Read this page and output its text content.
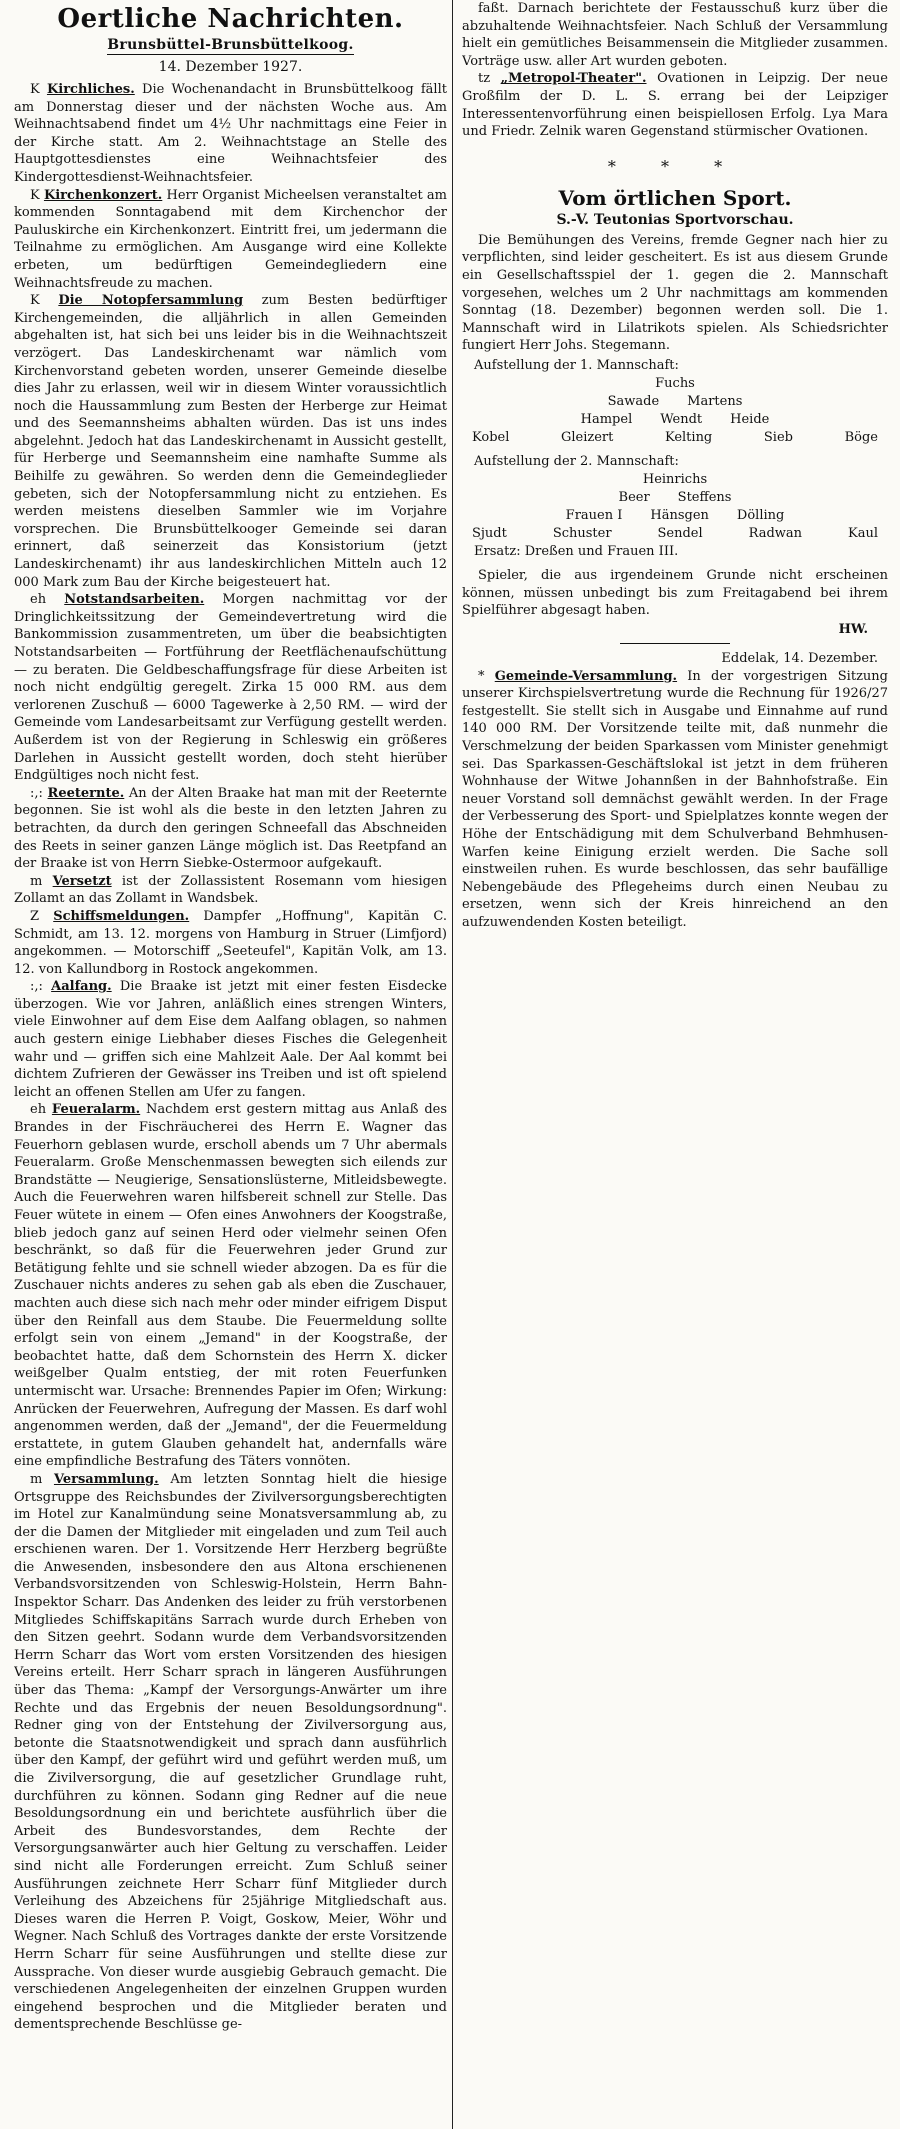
Oertliche Nachrichten.
Brunsbüttel-Brunsbüttelkoog.
14. Dezember 1927.

K Kirchliches. Die Wochenandacht in Brunsbüttelkoog fällt am Donnerstag dieser und der nächsten Woche aus. Am Weihnachtsabend findet um 4½ Uhr nachmittags eine Feier in der Kirche statt. Am 2. Weihnachtstage an Stelle des Hauptgottesdienstes eine Weihnachtsfeier des Kindergottesdienst-Weihnachtsfeier.

K Kirchenkonzert. Herr Organist Micheelsen veranstaltet am kommenden Sonntagabend mit dem Kirchenchor der Pauluskirche ein Kirchenkonzert. Eintritt frei, um jedermann die Teilnahme zu ermöglichen. Am Ausgange wird eine Kollekte erbeten, um bedürftigen Gemeindegliedern eine Weihnachtsfreude zu machen.

K Die Notopfersammlung zum Besten bedürftiger Kirchengemeinden, die alljährlich in allen Gemeinden abgehalten ist, hat sich bei uns leider bis in die Weihnachtszeit verzögert. Das Landeskirchenamt war nämlich vom Kirchenvorstand gebeten worden, unserer Gemeinde dieselbe dies Jahr zu erlassen, weil wir in diesem Winter voraussichtlich noch die Haussammlung zum Besten der Herberge zur Heimat und des Seemannsheims abhalten würden. Das ist uns indes abgelehnt. Jedoch hat das Landeskirchenamt in Aussicht gestellt, für Herberge und Seemannsheim eine namhafte Summe als Beihilfe zu gewähren. So werden denn die Gemeindeglieder gebeten, sich der Notopfersammlung nicht zu entziehen. Es werden meistens dieselben Sammler wie im Vorjahre vorsprechen. Die Brunsbüttelkooger Gemeinde sei daran erinnert, daß seinerzeit das Konsistorium (jetzt Landeskirchenamt) ihr aus landeskirchlichen Mitteln auch 12 000 Mark zum Bau der Kirche beigesteuert hat.

eh Notstandsarbeiten. Morgen nachmittag vor der Dringlichkeitssitzung der Gemeindevertretung wird die Bankommission zusammentreten, um über die beabsichtigten Notstandsarbeiten — Fortführung der Reetflächenaufschüttung — zu beraten. Die Geldbeschaffungsfrage für diese Arbeiten ist noch nicht endgültig geregelt. Zirka 15 000 RM. aus dem verlorenen Zuschuß — 6000 Tagewerke à 2,50 RM. — wird der Gemeinde vom Landesarbeitsamt zur Verfügung gestellt werden. Außerdem ist von der Regierung in Schleswig ein größeres Darlehen in Aussicht gestellt worden, doch steht hierüber Endgültiges noch nicht fest.

:,: Reeternte. An der Alten Braake hat man mit der Reeternte begonnen. Sie ist wohl als die beste in den letzten Jahren zu betrachten, da durch den geringen Schneefall das Abschneiden des Reets in seiner ganzen Länge möglich ist. Das Reetpfand an der Braake ist von Herrn Siebke-Ostermoor aufgekauft.

m Versetzt ist der Zollassistent Rosemann vom hiesigen Zollamt an das Zollamt in Wandsbek.

Z Schiffsmeldungen. Dampfer „Hoffnung", Kapitän C. Schmidt, am 13. 12. morgens von Hamburg in Struer (Limfjord) angekommen. — Motorschiff „Seeteufel", Kapitän Volk, am 13. 12. von Kallundborg in Rostock angekommen.

:,: Aalfang. Die Braake ist jetzt mit einer festen Eisdecke überzogen. Wie vor Jahren, anläßlich eines strengen Winters, viele Einwohner auf dem Eise dem Aalfang oblagen, so nahmen auch gestern einige Liebhaber dieses Fisches die Gelegenheit wahr und — griffen sich eine Mahlzeit Aale. Der Aal kommt bei dichtem Zufrieren der Gewässer ins Treiben und ist oft spielend leicht an offenen Stellen am Ufer zu fangen.

eh Feueralarm. Nachdem erst gestern mittag aus Anlaß des Brandes in der Fischräucherei des Herrn E. Wagner das Feuerhorn geblasen wurde, erscholl abends um 7 Uhr abermals Feueralarm. Große Menschenmassen bewegten sich eilends zur Brandstätte — Neugierige, Sensationslüsterne, Mitleidsbewegte. Auch die Feuerwehren waren hilfsbereit schnell zur Stelle. Das Feuer wütete in einem — Ofen eines Anwohners der Koogstraße, blieb jedoch ganz auf seinen Herd oder vielmehr seinen Ofen beschränkt, so daß für die Feuerwehren jeder Grund zur Betätigung fehlte und sie schnell wieder abzogen. Da es für die Zuschauer nichts anderes zu sehen gab als eben die Zuschauer, machten auch diese sich nach mehr oder minder eifrigem Disput über den Reinfall aus dem Staube. Die Feuermeldung sollte erfolgt sein von einem „Jemand" in der Koogstraße, der beobachtet hatte, daß dem Schornstein des Herrn X. dicker weißgelber Qualm entstieg, der mit roten Feuerfunken untermischt war. Ursache: Brennendes Papier im Ofen; Wirkung: Anrücken der Feuerwehren, Aufregung der Massen. Es darf wohl angenommen werden, daß der „Jemand", der die Feuermeldung erstattete, in gutem Glauben gehandelt hat, andernfalls wäre eine empfindliche Bestrafung des Täters vonnöten.

m Versammlung. Am letzten Sonntag hielt die hiesige Ortsgruppe des Reichsbundes der Zivilversorgungsberechtigten im Hotel zur Kanalmündung seine Monatsversammlung ab, zu der die Damen der Mitglieder mit eingeladen und zum Teil auch erschienen waren. Der 1. Vorsitzende Herr Herzberg begrüßte die Anwesenden, insbesondere den aus Altona erschienenen Verbandsvorsitzenden von Schleswig-Holstein, Herrn Bahn-Inspektor Scharr. Das Andenken des leider zu früh verstorbenen Mitgliedes Schiffskapitäns Sarrach wurde durch Erheben von den Sitzen geehrt. Sodann wurde dem Verbandsvorsitzenden Herrn Scharr das Wort vom ersten Vorsitzenden des hiesigen Vereins erteilt. Herr Scharr sprach in längeren Ausführungen über das Thema: „Kampf der Versorgungs-Anwärter um ihre Rechte und das Ergebnis der neuen Besoldungsordnung". Redner ging von der Entstehung der Zivilversorgung aus, betonte die Staatsnotwendigkeit und sprach dann ausführlich über den Kampf, der geführt wird und geführt werden muß, um die Zivilversorgung, die auf gesetzlicher Grundlage ruht, durchführen zu können. Sodann ging Redner auf die neue Besoldungsordnung ein und berichtete ausführlich über die Arbeit des Bundesvorstandes, dem Rechte der Versorgungsanwärter auch hier Geltung zu verschaffen. Leider sind nicht alle Forderungen erreicht. Zum Schluß seiner Ausführungen zeichnete Herr Scharr fünf Mitglieder durch Verleihung des Abzeichens für 25jährige Mitgliedschaft aus. Dieses waren die Herren P. Voigt, Goskow, Meier, Wöhr und Wegner. Nach Schluß des Vortrages dankte der erste Vorsitzende Herrn Scharr für seine Ausführungen und stellte diese zur Aussprache. Von dieser wurde ausgiebig Gebrauch gemacht. Die verschiedenen Angelegenheiten der einzelnen Gruppen wurden eingehend besprochen und die Mitglieder beraten und dementsprechende Beschlüsse ge-

faßt. Darnach berichtete der Festausschuß kurz über die abzuhaltende Weihnachtsfeier. Nach Schluß der Versammlung hielt ein gemütliches Beisammensein die Mitglieder zusammen. Vorträge usw. aller Art wurden geboten.

tz „Metropol-Theater". Ovationen in Leipzig. Der neue Großfilm der D. L. S. errang bei der Leipziger Interessentenvorführung einen beispiellosen Erfolg. Lya Mara und Friedr. Zelnik waren Gegenstand stürmischer Ovationen.

* * *
Vom örtlichen Sport.
S.-V. Teutonias Sportvorschau.

Die Bemühungen des Vereins, fremde Gegner nach hier zu verpflichten, sind leider gescheitert. Es ist aus diesem Grunde ein Gesellschaftsspiel der 1. gegen die 2. Mannschaft vorgesehen, welches um 2 Uhr nachmittags am kommenden Sonntag (18. Dezember) begonnen werden soll. Die 1. Mannschaft wird in Lilatrikots spielen. Als Schiedsrichter fungiert Herr Johs. Stegemann.

Aufstellung der 1. Mannschaft:
Fuchs
Sawade Martens
Hampel Wendt Heide
Kobel	Gleizert	Kelting	Sieb	Böge
Aufstellung der 2. Mannschaft:
Heinrichs
Beer Steffens
Frauen I Hänsgen Dölling
Sjudt	Schuster	Sendel	Radwan	Kaul
Ersatz: Dreßen und Frauen III.

Spieler, die aus irgendeinem Grunde nicht erscheinen können, müssen unbedingt bis zum Freitagabend bei ihrem Spielführer abgesagt haben.

HW.
Eddelak, 14. Dezember.

* Gemeinde-Versammlung. In der vorgestrigen Sitzung unserer Kirchspielsvertretung wurde die Rechnung für 1926/27 festgestellt. Sie stellt sich in Ausgabe und Einnahme auf rund 140 000 RM. Der Vorsitzende teilte mit, daß nunmehr die Verschmelzung der beiden Sparkassen vom Minister genehmigt sei. Das Sparkassen-Geschäftslokal ist jetzt in dem früheren Wohnhause der Witwe Johannßen in der Bahnhofstraße. Ein neuer Vorstand soll demnächst gewählt werden. In der Frage der Verbesserung des Sport- und Spielplatzes konnte wegen der Höhe der Entschädigung mit dem Schulverband Behmhusen-Warfen keine Einigung erzielt werden. Die Sache soll einstweilen ruhen. Es wurde beschlossen, das sehr baufällige Nebengebäude des Pflegeheims durch einen Neubau zu ersetzen, wenn sich der Kreis hinreichend an den aufzuwendenden Kosten beteiligt.
